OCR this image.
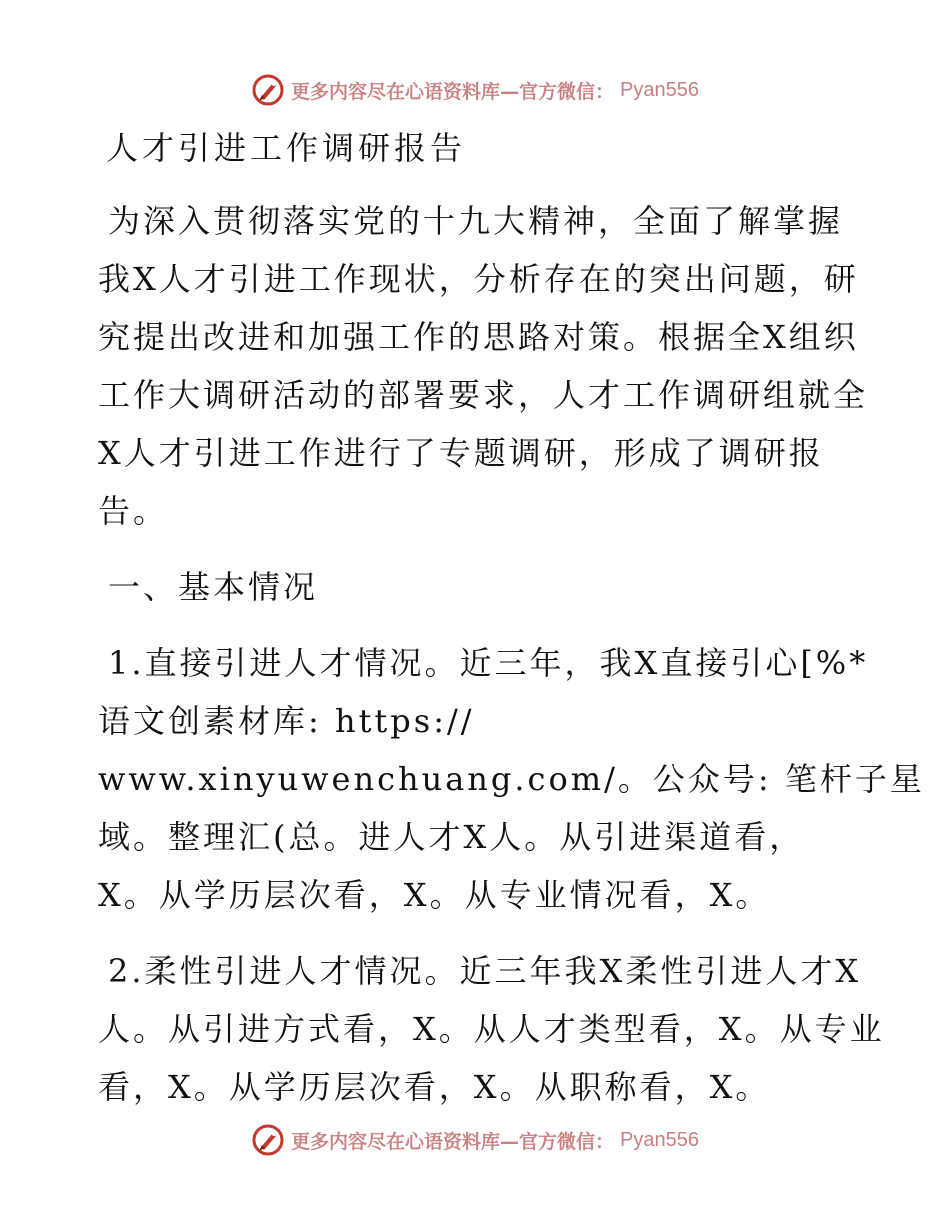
更多内容尽在心语资料库—官方微信： Pyan556
人才引进工作调研报告
为深入贯彻落实党的十九大精神，全面了解掌握
我X人才引进工作现状，分析存在的突出问题，研
究提出改进和加强工作的思路对策。根据全X组织
工作大调研活动的部署要求，人才工作调研组就全
X人才引进工作进行了专题调研，形成了调研报
告。
一、基本情况
1.直接引进人才情况。近三年，我X直接引心[%*
语文创素材库: https://
www.xinyuwenchuang.com/。公众号: 笔杆子星
域。整理汇(总。进人才X人。从引进渠道看，
X。从学历层次看，X。从专业情况看，X。
2.柔性引进人才情况。近三年我X柔性引进人才X
人。从引进方式看，X。从人才类型看，X。从专业
看，X。从学历层次看，X。从职称看，X。
更多内容尽在心语资料库—官方微信： Pyan556
